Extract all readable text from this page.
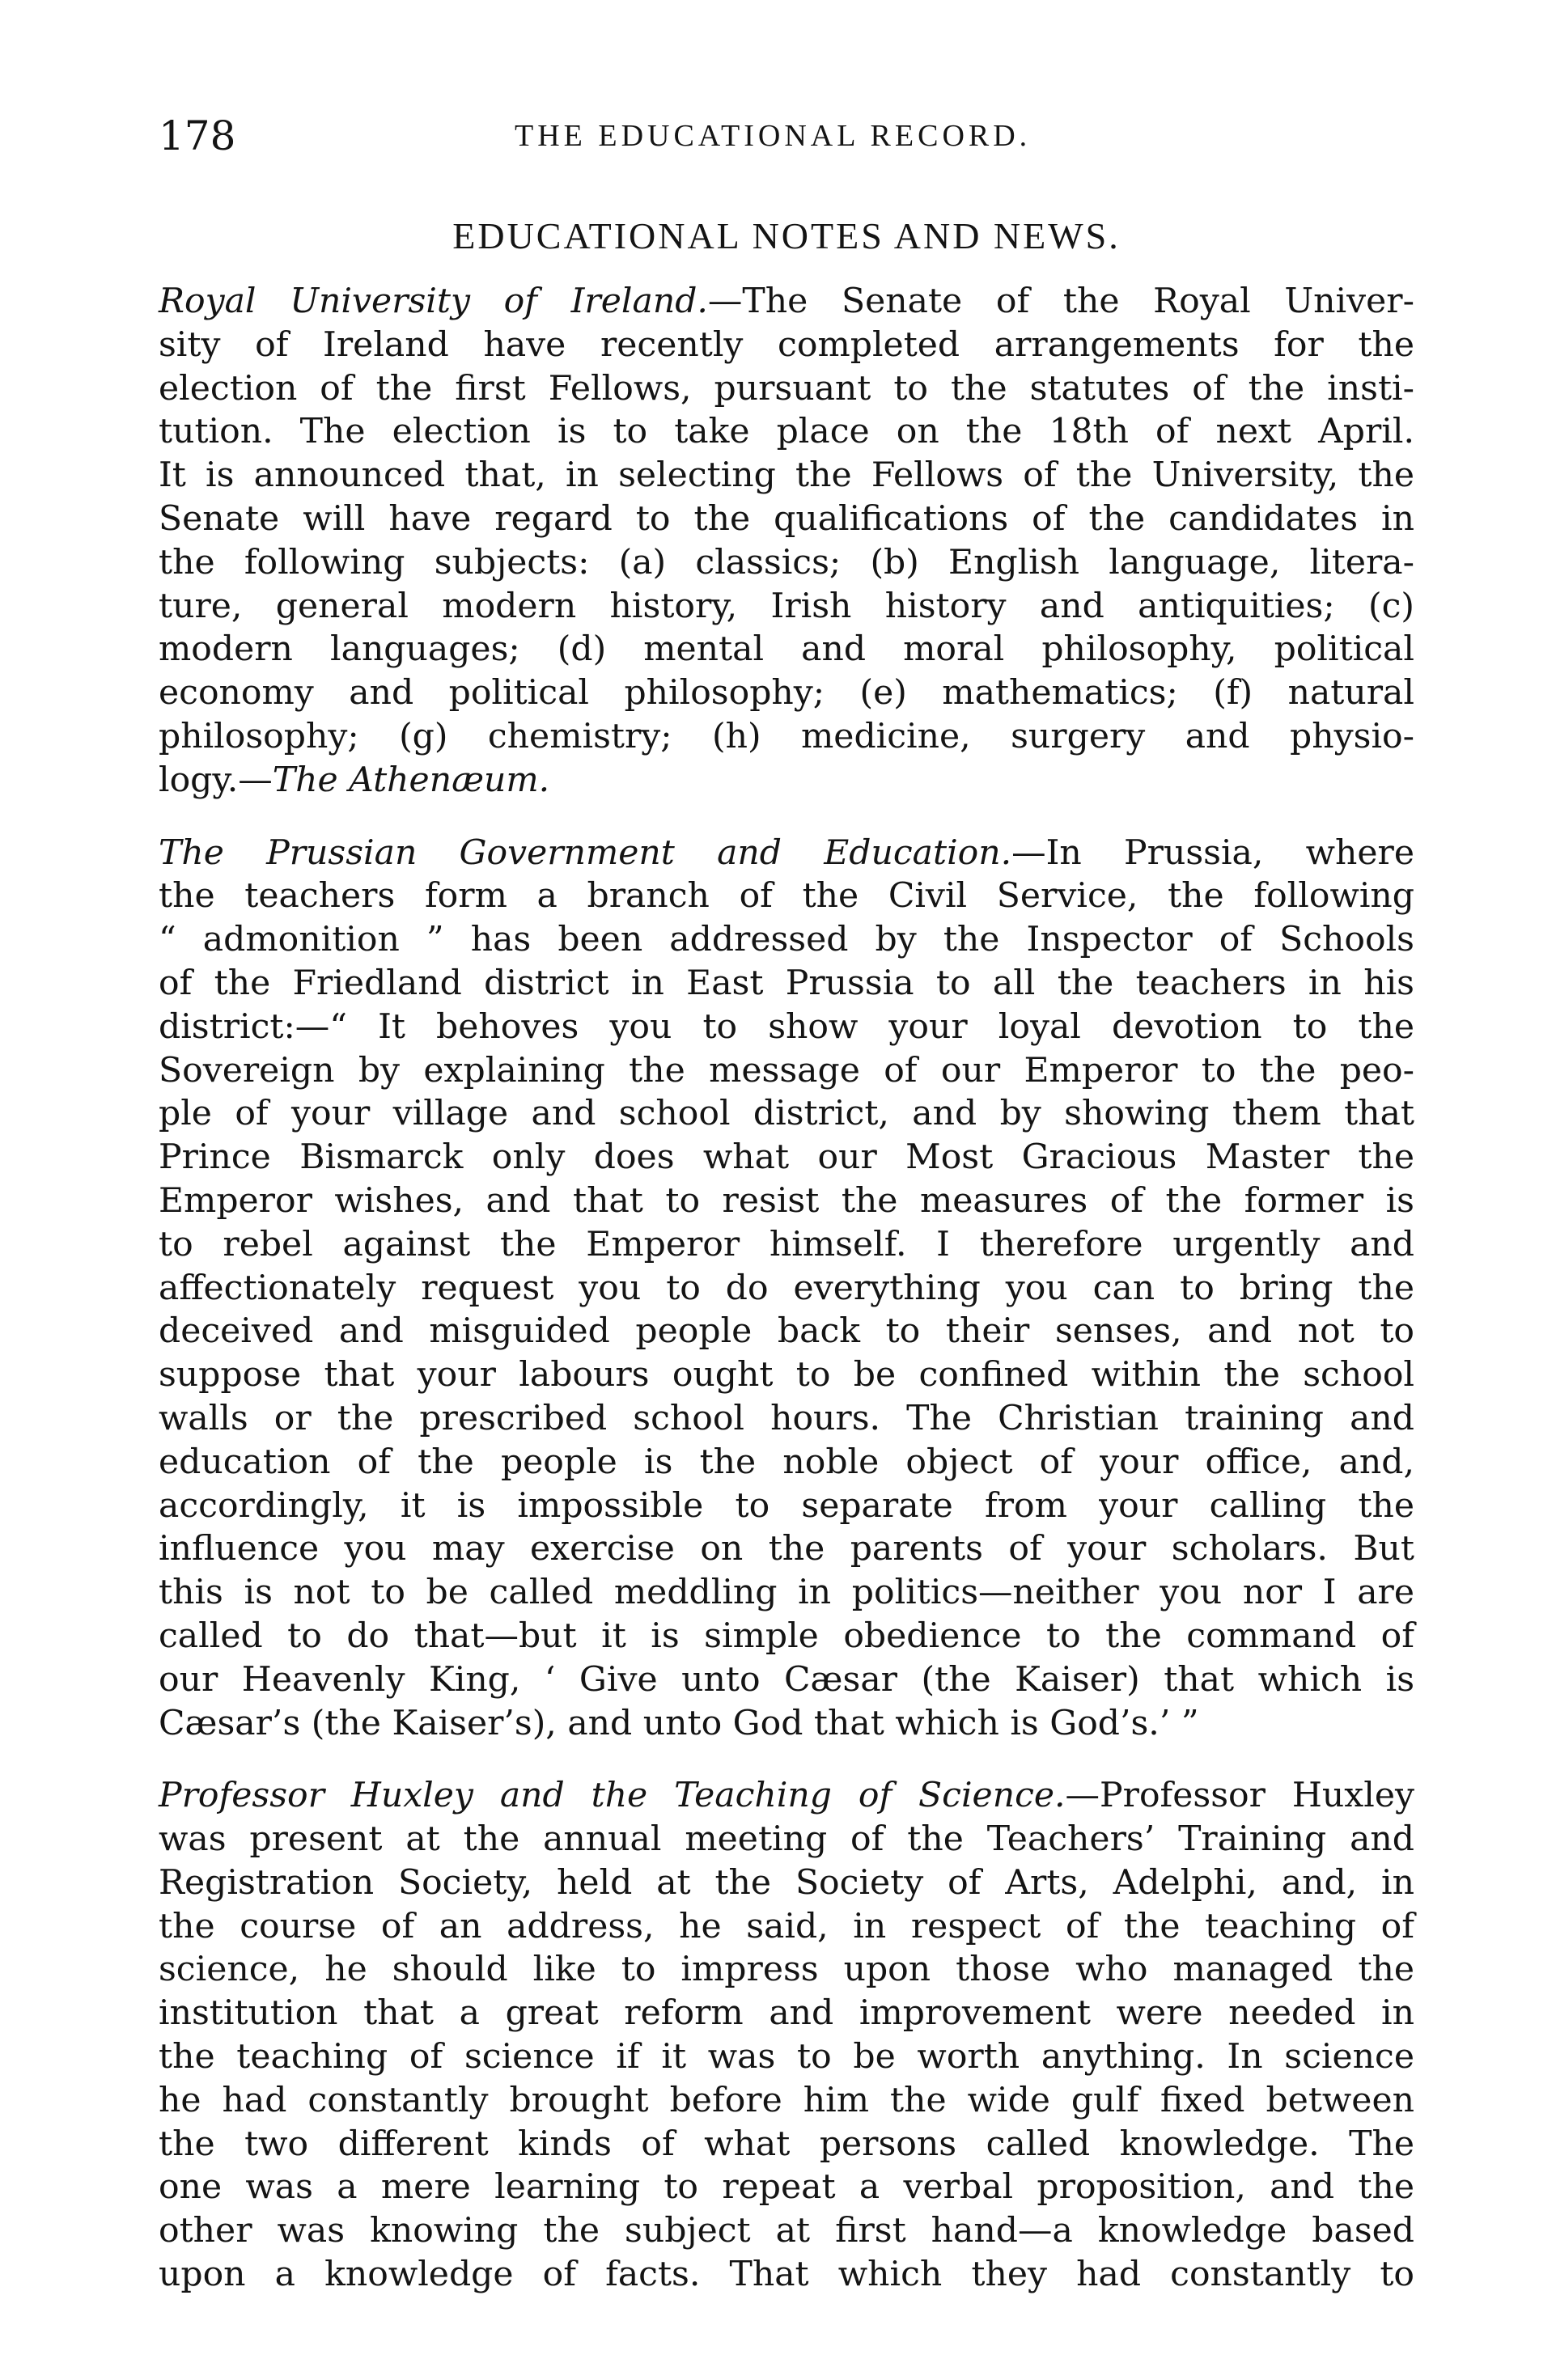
178	THE EDUCATIONAL RECORD.
EDUCATIONAL NOTES AND NEWS.
Royal University of Ireland.—The Senate of the Royal Univer-
sity of Ireland have recently completed arrangements for the
election of the first Fellows, pursuant to the statutes of the insti-
tution. The election is to take place on the 18th of next April.
It is announced that, in selecting the Fellows of the University, the
Senate will have regard to the qualifications of the candidates in
the following subjects: (a) classics; (b) English language, litera-
ture, general modern history, Irish history and antiquities; (c)
modern languages; (d) mental and moral philosophy, political
economy and political philosophy; (e) mathematics; (f) natural
philosophy; (g) chemistry; (h) medicine, surgery and physio-
logy.—The Athenæum.
The Prussian Government and Education.—In Prussia, where
the teachers form a branch of the Civil Service, the following
“ admonition ” has been addressed by the Inspector of Schools
of the Friedland district in East Prussia to all the teachers in his
district:—“ It behoves you to show your loyal devotion to the
Sovereign by explaining the message of our Emperor to the peo-
ple of your village and school district, and by showing them that
Prince Bismarck only does what our Most Gracious Master the
Emperor wishes, and that to resist the measures of the former is
to rebel against the Emperor himself. I therefore urgently and
affectionately request you to do everything you can to bring the
deceived and misguided people back to their senses, and not to
suppose that your labours ought to be confined within the school
walls or the prescribed school hours. The Christian training and
education of the people is the noble object of your office, and,
accordingly, it is impossible to separate from your calling the
influence you may exercise on the parents of your scholars. But
this is not to be called meddling in politics—neither you nor I are
called to do that—but it is simple obedience to the command of
our Heavenly King, ‘ Give unto Cæsar (the Kaiser) that which is
Cæsar’s (the Kaiser’s), and unto God that which is God’s.’ ”
Professor Huxley and the Teaching of Science.—Professor Huxley
was present at the annual meeting of the Teachers’ Training and
Registration Society, held at the Society of Arts, Adelphi, and, in
the course of an address, he said, in respect of the teaching of
science, he should like to impress upon those who managed the
institution that a great reform and improvement were needed in
the teaching of science if it was to be worth anything. In science
he had constantly brought before him the wide gulf fixed between
the two different kinds of what persons called knowledge. The
one was a mere learning to repeat a verbal proposition, and the
other was knowing the subject at first hand—a knowledge based
upon a knowledge of facts. That which they had constantly to
